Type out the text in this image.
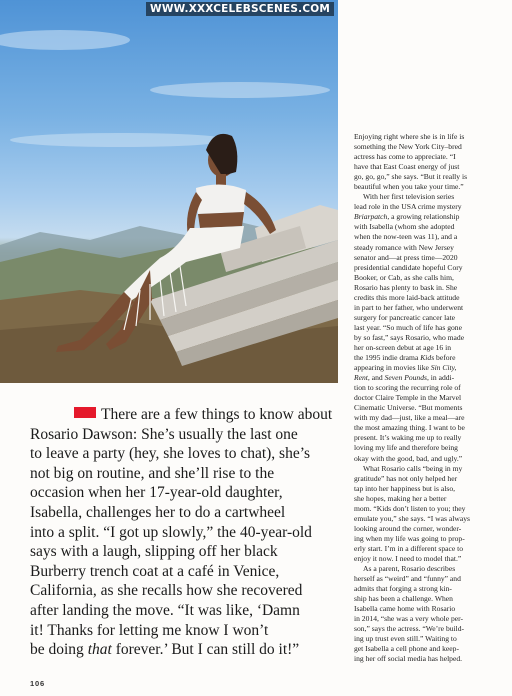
WWW.XXXCELEBSCENES.COM
There are a few things to know about
Rosario Dawson: She’s usually the last one
to leave a party (hey, she loves to chat), she’s
not big on routine, and she’ll rise to the
occasion when her 17-year-old daughter,
Isabella, challenges her to do a cartwheel
into a split. “I got up slowly,” the 40-year-old
says with a laugh, slipping off her black
Burberry trench coat at a café in Venice,
California, as she recalls how she recovered
after landing the move. “It was like, ‘Damn
it! Thanks for letting me know I won’t
be doing that forever.’ But I can still do it!”
Enjoying right where she is in life is
something the New York City–bred
actress has come to appreciate. “I
have that East Coast energy of just
go, go, go,” she says. “But it really is
beautiful when you take your time.”
With her first television series
lead role in the USA crime mystery
Briarpatch, a growing relationship
with Isabella (whom she adopted
when the now-teen was 11), and a
steady romance with New Jersey
senator and—at press time—2020
presidential candidate hopeful Cory
Booker, or Cab, as she calls him,
Rosario has plenty to bask in. She
credits this more laid-back attitude
in part to her father, who underwent
surgery for pancreatic cancer late
last year. “So much of life has gone
by so fast,” says Rosario, who made
her on-screen debut at age 16 in
the 1995 indie drama Kids before
appearing in movies like Sin City,
Rent, and Seven Pounds, in addi-
tion to scoring the recurring role of
doctor Claire Temple in the Marvel
Cinematic Universe. “But moments
with my dad—just, like a meal—are
the most amazing thing. I want to be
present. It’s waking me up to really
loving my life and therefore being
okay with the good, bad, and ugly.”
What Rosario calls “being in my
gratitude” has not only helped her
tap into her happiness but is also,
she hopes, making her a better
mom. “Kids don’t listen to you; they
emulate you,” she says. “I was always
looking around the corner, wonder-
ing when my life was going to prop-
erly start. I’m in a different space to
enjoy it now. I need to model that.”
As a parent, Rosario describes
herself as “weird” and “funny” and
admits that forging a strong kin-
ship has been a challenge. When
Isabella came home with Rosario
in 2014, “she was a very whole per-
son,” says the actress. “We’re build-
ing up trust even still.” Waiting to
get Isabella a cell phone and keep-
ing her off social media has helped.
106
